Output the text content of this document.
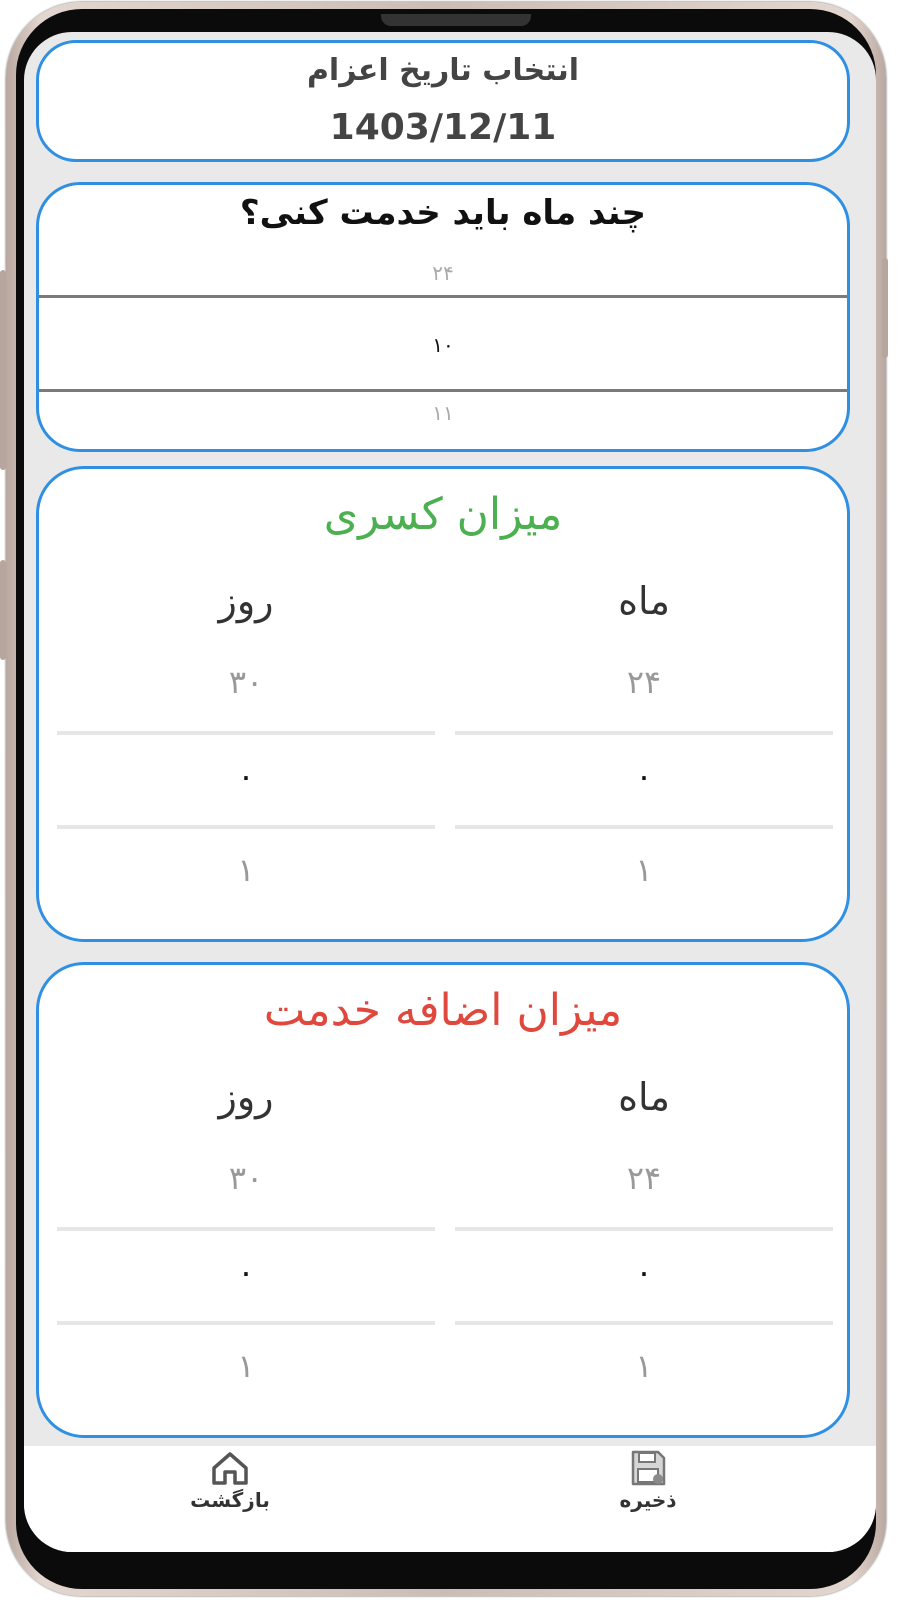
انتخاب تاریخ اعزام
1403/12/11
چند ماه باید خدمت کنی؟
۲۴
۱۰
۱۱
میزان کسری
ماه
روز
۲۴
۰
۱
۳۰
۰
۱
میزان اضافه خدمت
ماه
روز
۲۴
۰
۱
۳۰
۰
۱
بازگشت	ذخیره
